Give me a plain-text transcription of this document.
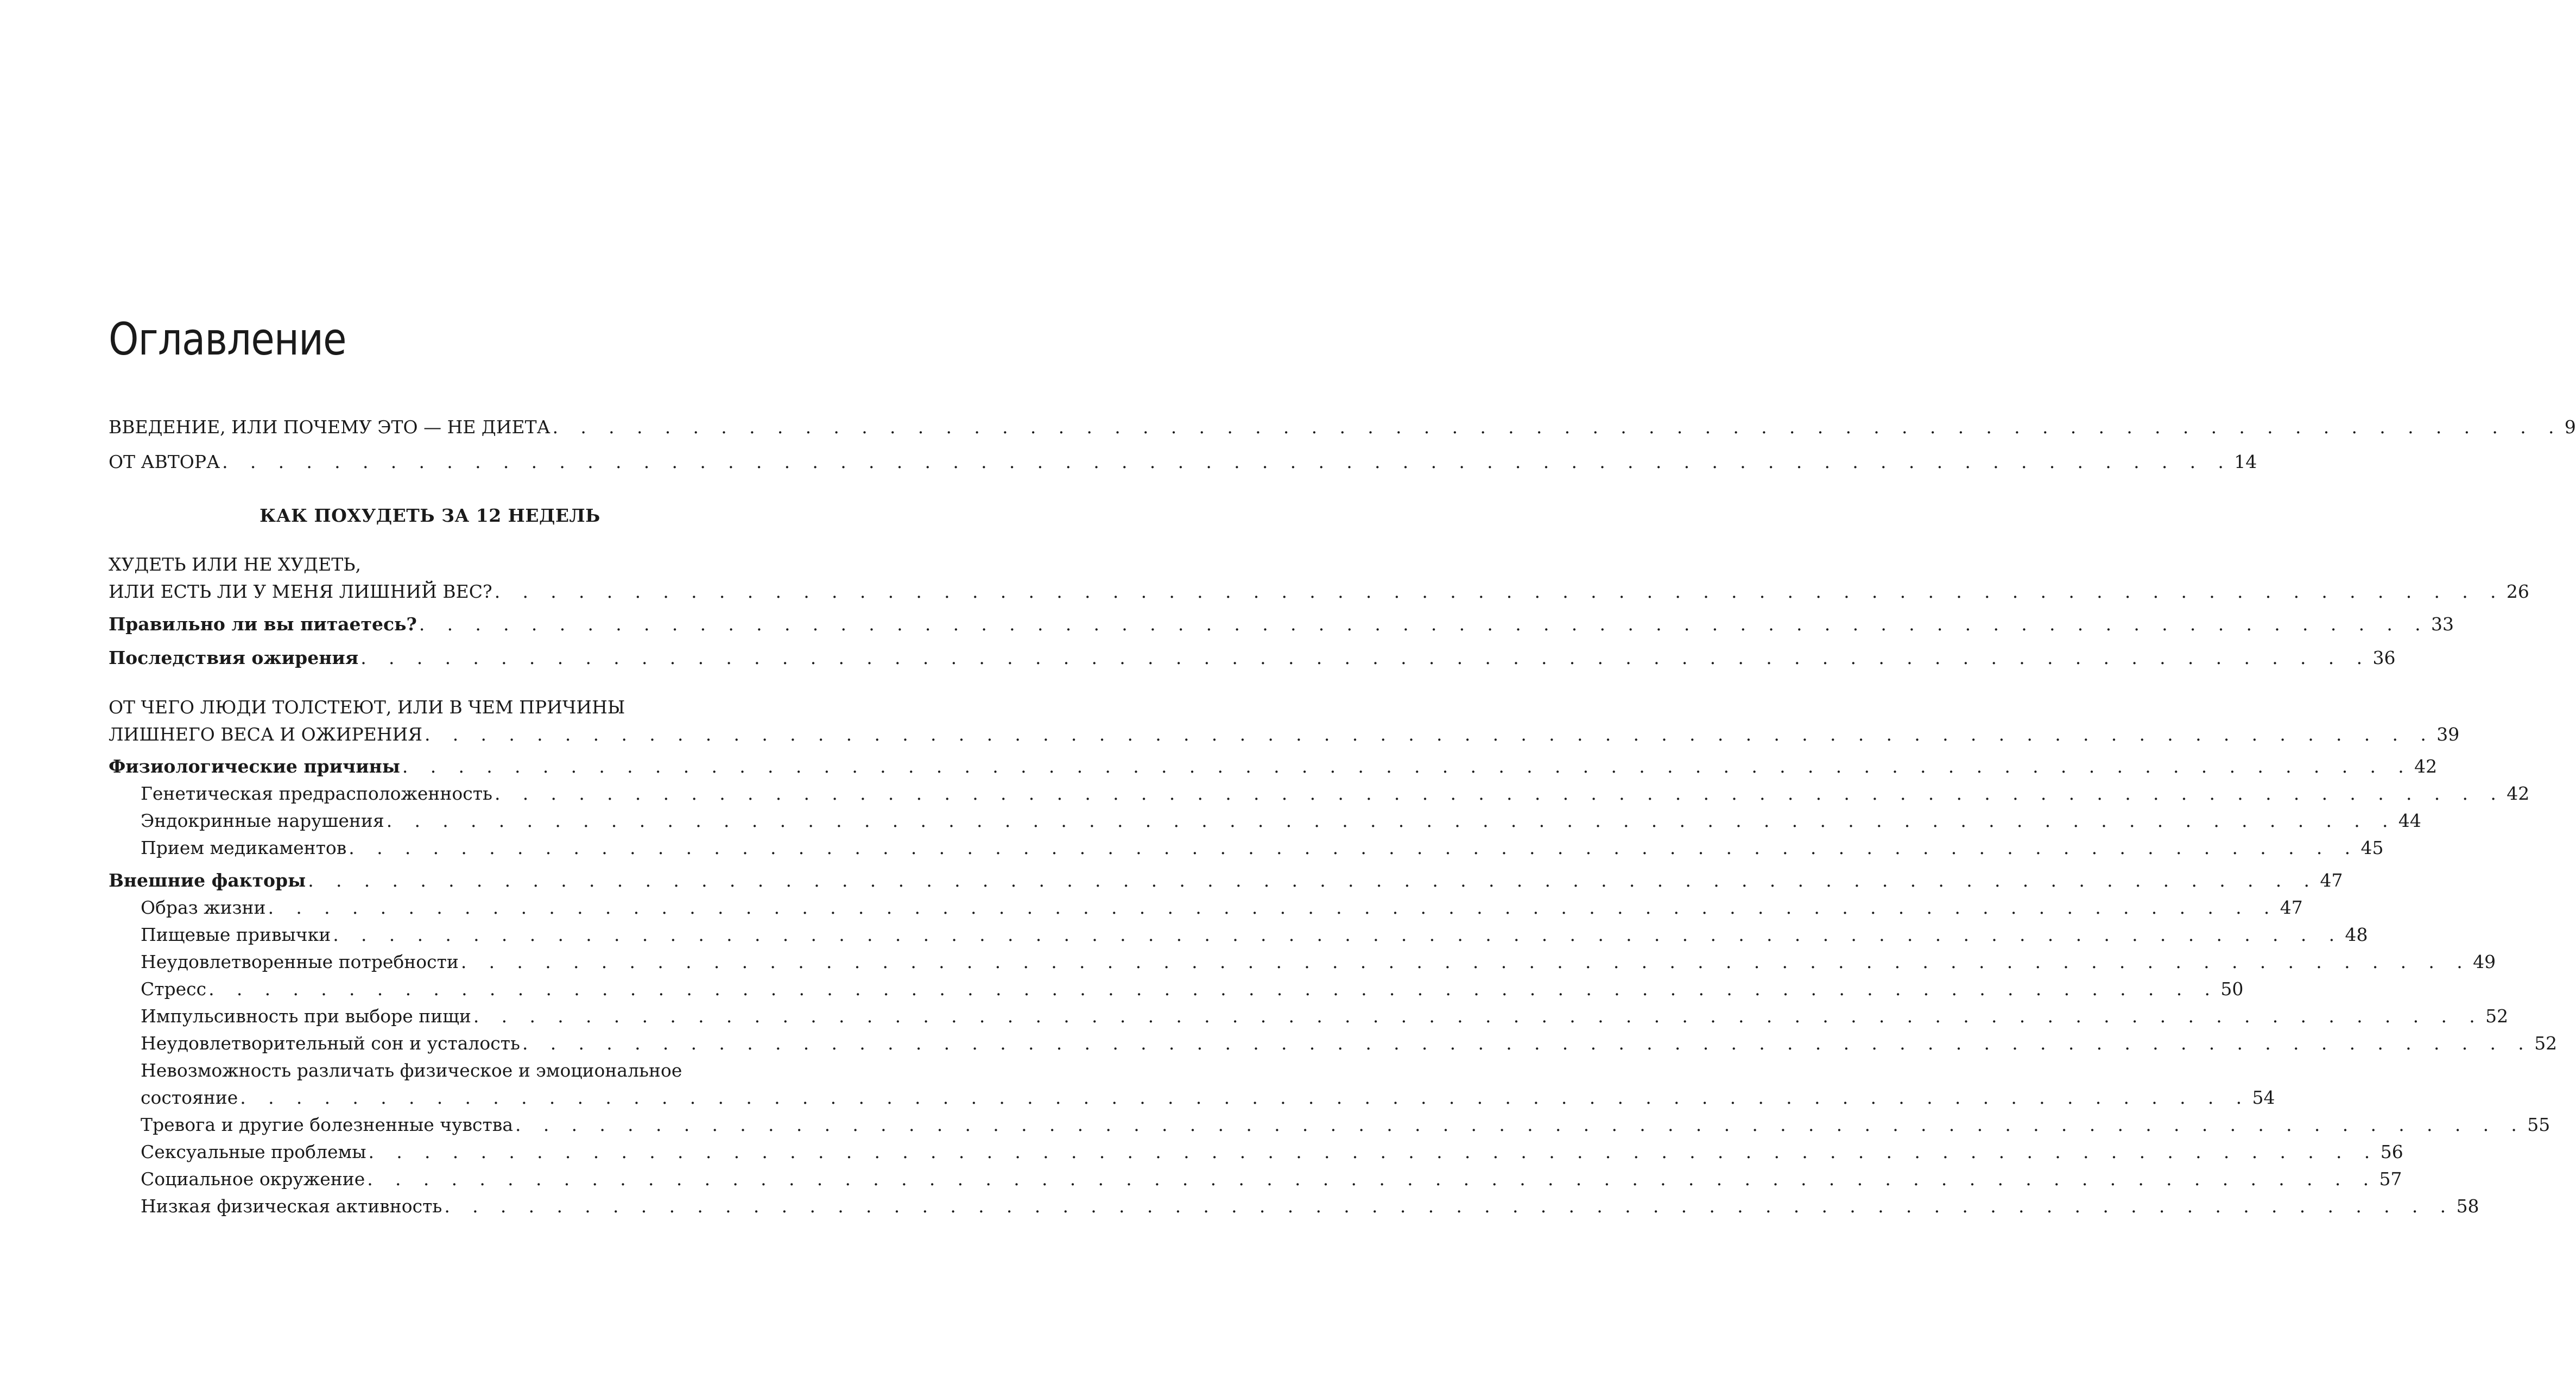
Оглавление
ВВЕДЕНИЕ, ИЛИ ПОЧЕМУ ЭТО — НЕ ДИЕТА . . . . . . . . . . . . . . . . . . . . . . . . . . . . . . . . . . . . . . . . . . . . . . . . . . . . . . . . . . . . . . . . . . . . . . . . 9
ОТ АВТОРА . . . . . . . . . . . . . . . . . . . . . . . . . . . . . . . . . . . . . . . . . . . . . . . . . . . . . . . . . . . . . . . . . . . . . . . . 14
КАК ПОХУДЕТЬ ЗА 12 НЕДЕЛЬ
ХУДЕТЬ ИЛИ НЕ ХУДЕТЬ,
ИЛИ ЕСТЬ ЛИ У МЕНЯ ЛИШНИЙ ВЕС? . . . . . . . . . . . . . . . . . . . . . . . . . . . . . . . . . . . . . . . . . . . . . . . . . . . . . . . . . . . . . . . . . . . . . . . . 26
Правильно ли вы питаетесь? . . . . . . . . . . . . . . . . . . . . . . . . . . . . . . . . . . . . . . . . . . . . . . . . . . . . . . . . . . . . . . . . . . . . . . . . 33
Последствия ожирения . . . . . . . . . . . . . . . . . . . . . . . . . . . . . . . . . . . . . . . . . . . . . . . . . . . . . . . . . . . . . . . . . . . . . . . . 36
ОТ ЧЕГО ЛЮДИ ТОЛСТЕЮТ, ИЛИ В ЧЕМ ПРИЧИНЫ
ЛИШНЕГО ВЕСА И ОЖИРЕНИЯ . . . . . . . . . . . . . . . . . . . . . . . . . . . . . . . . . . . . . . . . . . . . . . . . . . . . . . . . . . . . . . . . . . . . . . . . 39
Физиологические причины . . . . . . . . . . . . . . . . . . . . . . . . . . . . . . . . . . . . . . . . . . . . . . . . . . . . . . . . . . . . . . . . . . . . . . . . 42
Генетическая предрасположенность . . . . . . . . . . . . . . . . . . . . . . . . . . . . . . . . . . . . . . . . . . . . . . . . . . . . . . . . . . . . . . . . . . . . . . . . 42
Эндокринные нарушения . . . . . . . . . . . . . . . . . . . . . . . . . . . . . . . . . . . . . . . . . . . . . . . . . . . . . . . . . . . . . . . . . . . . . . . . 44
Прием медикаментов . . . . . . . . . . . . . . . . . . . . . . . . . . . . . . . . . . . . . . . . . . . . . . . . . . . . . . . . . . . . . . . . . . . . . . . . 45
Внешние факторы . . . . . . . . . . . . . . . . . . . . . . . . . . . . . . . . . . . . . . . . . . . . . . . . . . . . . . . . . . . . . . . . . . . . . . . . 47
Образ жизни . . . . . . . . . . . . . . . . . . . . . . . . . . . . . . . . . . . . . . . . . . . . . . . . . . . . . . . . . . . . . . . . . . . . . . . . 47
Пищевые привычки . . . . . . . . . . . . . . . . . . . . . . . . . . . . . . . . . . . . . . . . . . . . . . . . . . . . . . . . . . . . . . . . . . . . . . . . 48
Неудовлетворенные потребности . . . . . . . . . . . . . . . . . . . . . . . . . . . . . . . . . . . . . . . . . . . . . . . . . . . . . . . . . . . . . . . . . . . . . . . . 49
Стресс . . . . . . . . . . . . . . . . . . . . . . . . . . . . . . . . . . . . . . . . . . . . . . . . . . . . . . . . . . . . . . . . . . . . . . . . 50
Импульсивность при выборе пищи . . . . . . . . . . . . . . . . . . . . . . . . . . . . . . . . . . . . . . . . . . . . . . . . . . . . . . . . . . . . . . . . . . . . . . . . 52
Неудовлетворительный сон и усталость . . . . . . . . . . . . . . . . . . . . . . . . . . . . . . . . . . . . . . . . . . . . . . . . . . . . . . . . . . . . . . . . . . . . . . . . 52
Невозможность различать физическое и эмоциональное
состояние . . . . . . . . . . . . . . . . . . . . . . . . . . . . . . . . . . . . . . . . . . . . . . . . . . . . . . . . . . . . . . . . . . . . . . . . 54
Тревога и другие болезненные чувства . . . . . . . . . . . . . . . . . . . . . . . . . . . . . . . . . . . . . . . . . . . . . . . . . . . . . . . . . . . . . . . . . . . . . . . . 55
Сексуальные проблемы . . . . . . . . . . . . . . . . . . . . . . . . . . . . . . . . . . . . . . . . . . . . . . . . . . . . . . . . . . . . . . . . . . . . . . . . 56
Социальное окружение . . . . . . . . . . . . . . . . . . . . . . . . . . . . . . . . . . . . . . . . . . . . . . . . . . . . . . . . . . . . . . . . . . . . . . . . 57
Низкая физическая активность . . . . . . . . . . . . . . . . . . . . . . . . . . . . . . . . . . . . . . . . . . . . . . . . . . . . . . . . . . . . . . . . . . . . . . . . 58
